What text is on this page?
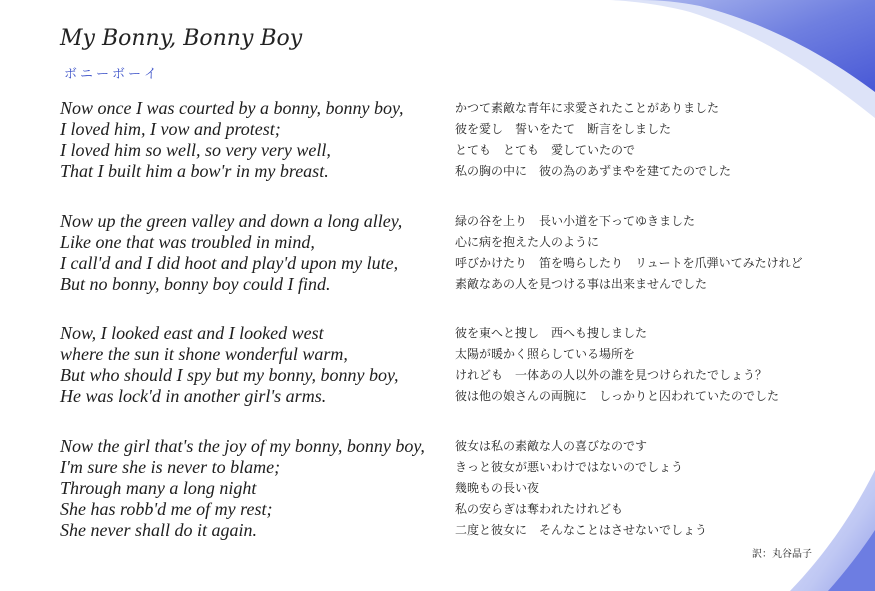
My Bonny, Bonny Boy
ボニーボーイ
Now once I was courted by a bonny, bonny boy,
I loved him, I vow and protest;
I loved him so well, so very very well,
That I built him a bow'r in my breast.
かつて素敵な青年に求愛されたことがありました
彼を愛し　誓いをたて　断言をしました
とても　とても　愛していたので
私の胸の中に　彼の為のあずまやを建てたのでした
Now up the green valley and down a long alley,
Like one that was troubled in mind,
I call'd and I did hoot and play'd upon my lute,
But no bonny, bonny boy could I find.
緑の谷を上り　長い小道を下ってゆきました
心に病を抱えた人のように
呼びかけたり　笛を鳴らしたり　リュートを爪弾いてみたけれど
素敵なあの人を見つける事は出来ませんでした
Now, I looked east and I looked west
where the sun it shone wonderful warm,
But who should I spy but my bonny, bonny boy,
He was lock'd in another girl's arms.
彼を東へと捜し　西へも捜しました
太陽が暖かく照らしている場所を
けれども　一体あの人以外の誰を見つけられたでしょう？
彼は他の娘さんの両腕に　しっかりと囚われていたのでした
Now the girl that's the joy of my bonny, bonny boy,
I'm sure she is never to blame;
Through many a long night
She has robb'd me of my rest;
She never shall do it again.
彼女は私の素敵な人の喜びなのです
きっと彼女が悪いわけではないのでしょう
幾晩もの長い夜
私の安らぎは奪われたけれども
二度と彼女に　そんなことはさせないでしょう
訳：丸谷晶子
